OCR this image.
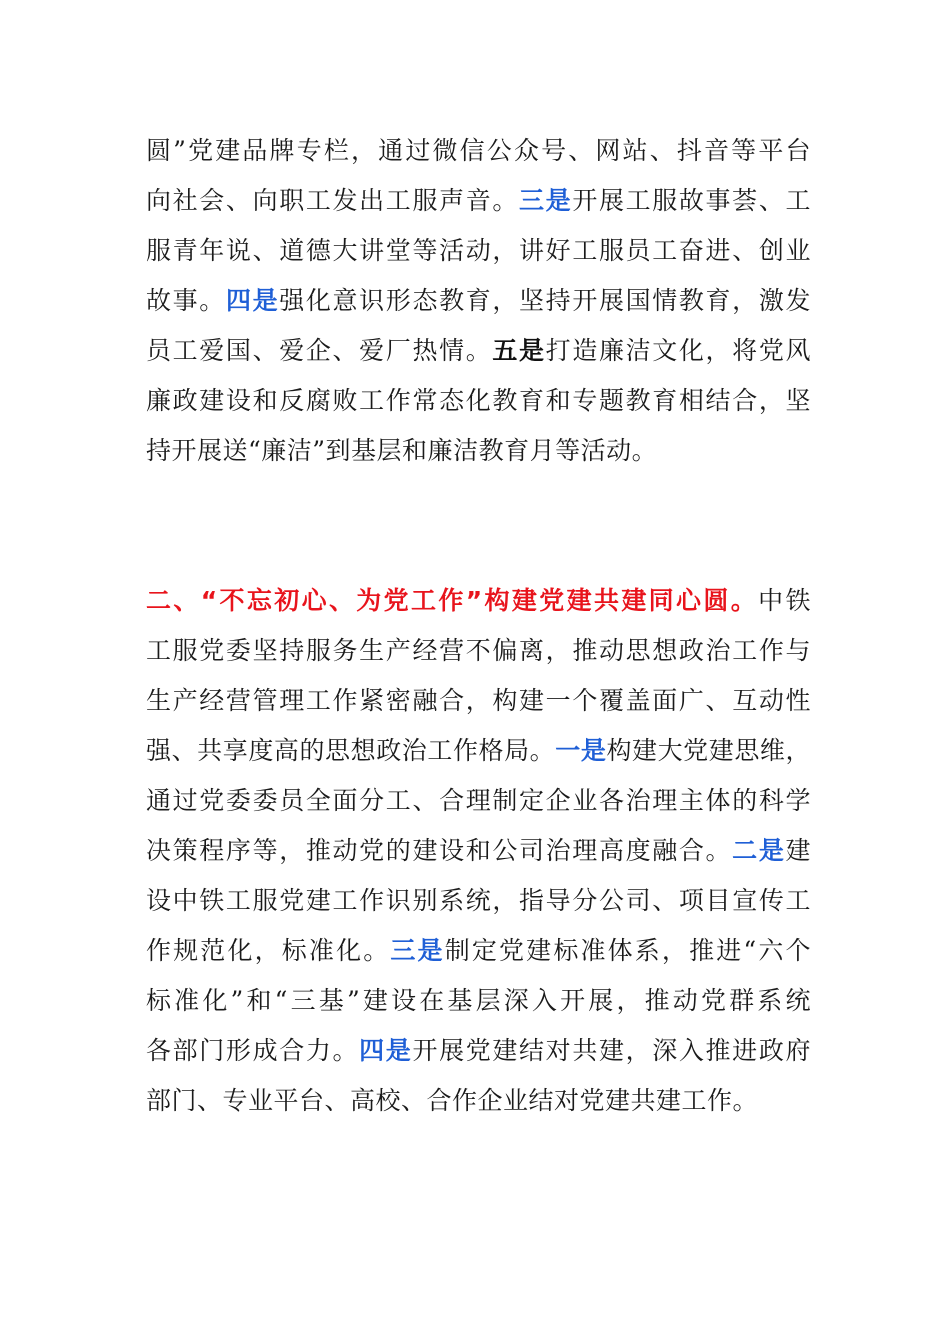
圆”党建品牌专栏，通过微信公众号、网站、抖音等平台
向社会、向职工发出工服声音。三是开展工服故事荟、工
服青年说、道德大讲堂等活动，讲好工服员工奋进、创业
故事。四是强化意识形态教育，坚持开展国情教育，激发
员工爱国、爱企、爱厂热情。五是打造廉洁文化，将党风
廉政建设和反腐败工作常态化教育和专题教育相结合，坚
持开展送“廉洁”到基层和廉洁教育月等活动。
二、“不忘初心、为党工作”构建党建共建同心圆。中铁
工服党委坚持服务生产经营不偏离，推动思想政治工作与
生产经营管理工作紧密融合，构建一个覆盖面广、互动性
强、共享度高的思想政治工作格局。一是构建大党建思维，
通过党委委员全面分工、合理制定企业各治理主体的科学
决策程序等，推动党的建设和公司治理高度融合。二是建
设中铁工服党建工作识别系统，指导分公司、项目宣传工
作规范化，标准化。三是制定党建标准体系，推进“六个
标准化”和“三基”建设在基层深入开展，推动党群系统
各部门形成合力。四是开展党建结对共建，深入推进政府
部门、专业平台、高校、合作企业结对党建共建工作。
